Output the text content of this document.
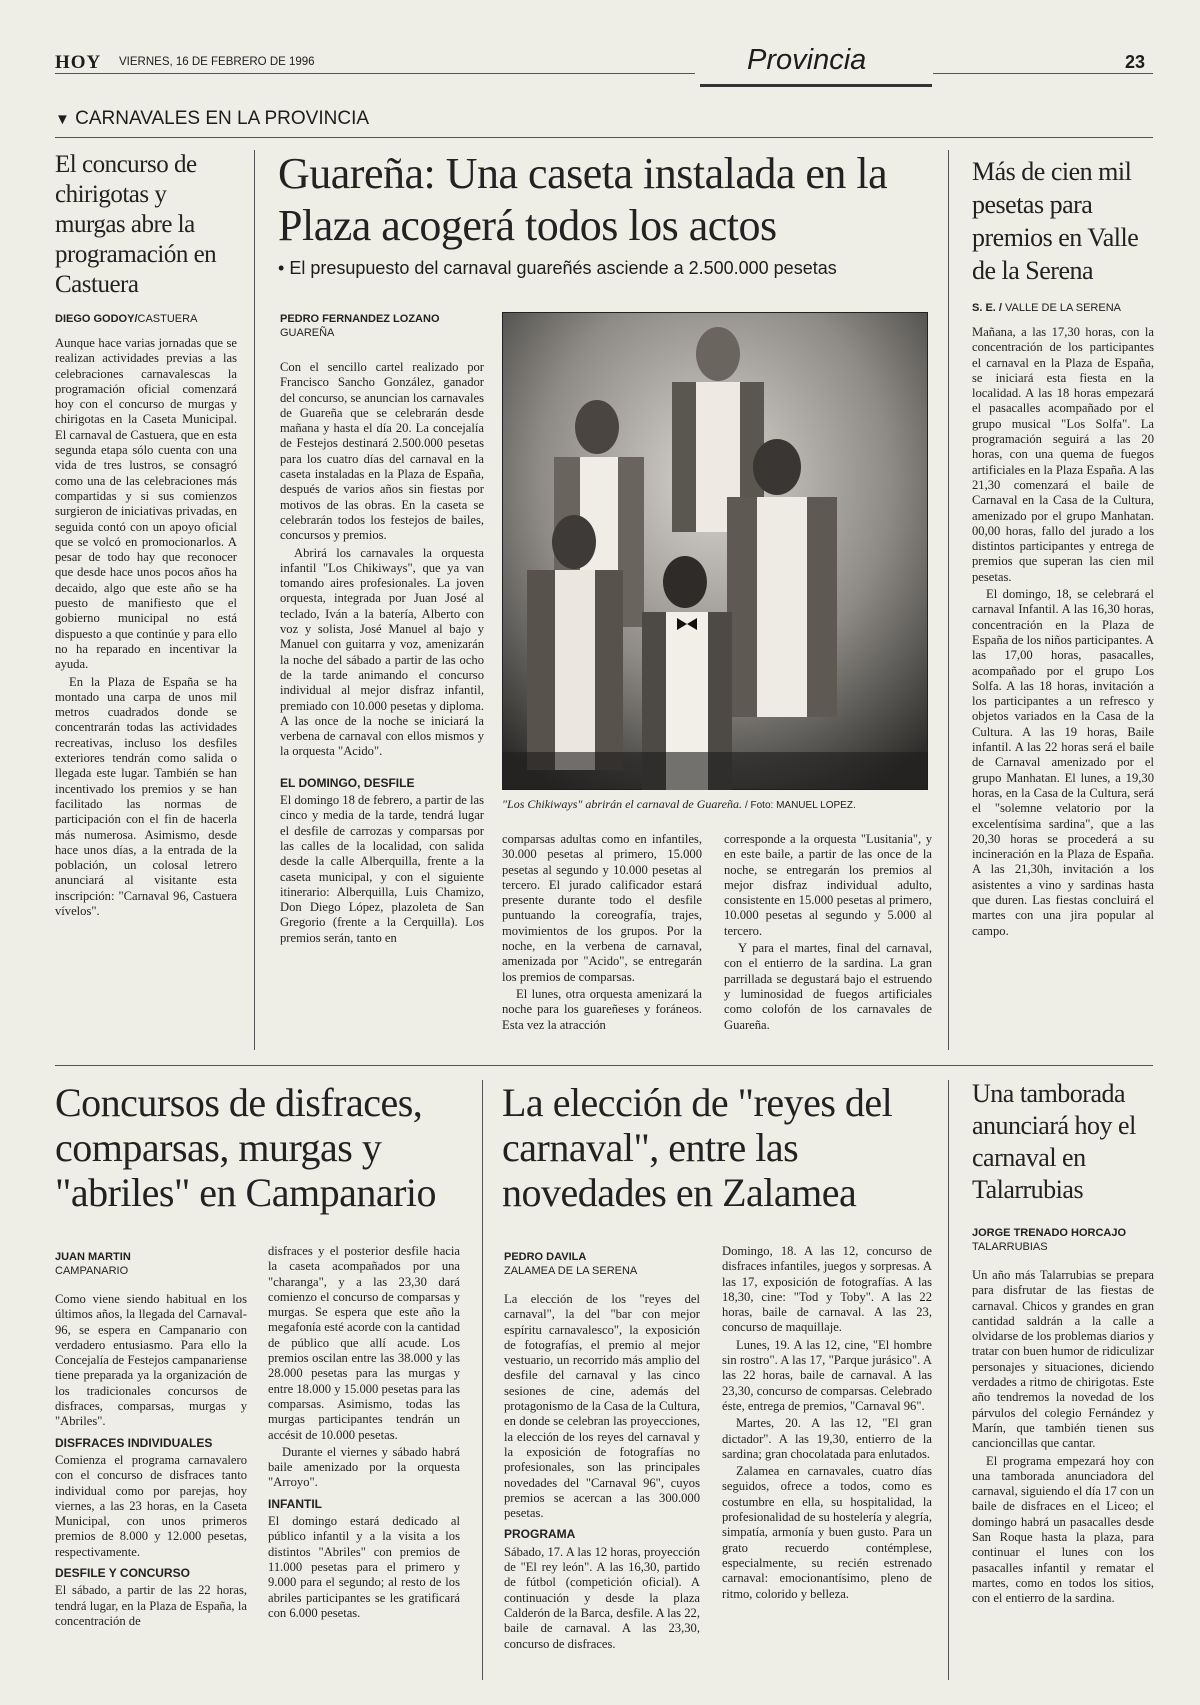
HOY VIERNES, 16 DE FEBRERO DE 1996	Provincia	23
▼ CARNAVALES EN LA PROVINCIA
El concurso de chirigotas y murgas abre la programación en Castuera
DIEGO GODOY/CASTUERA

Aunque hace varias jornadas que se realizan actividades previas a las celebraciones carnavalescas la programación oficial comenzará hoy con el concurso de murgas y chirigotas en la Caseta Municipal. El carnaval de Castuera, que en esta segunda etapa sólo cuenta con una vida de tres lustros, se consagró como una de las celebraciones más compartidas y si sus comienzos surgieron de iniciativas privadas, en seguida contó con un apoyo oficial que se volcó en promocionarlos. A pesar de todo hay que reconocer que desde hace unos pocos años ha decaido, algo que este año se ha puesto de manifiesto que el gobierno municipal no está dispuesto a que continúe y para ello no ha reparado en incentivar la ayuda.

En la Plaza de España se ha montado una carpa de unos mil metros cuadrados donde se concentrarán todas las actividades recreativas, incluso los desfiles exteriores tendrán como salida o llegada este lugar. También se han incentivado los premios y se han facilitado las normas de participación con el fin de hacerla más numerosa. Asimismo, desde hace unos días, a la entrada de la población, un colosal letrero anunciará al visitante esta inscripción: "Carnaval 96, Castuera vívelos".

Guareña: Una caseta instalada en la Plaza acogerá todos los actos
• El presupuesto del carnaval guareñés asciende a 2.500.000 pesetas
PEDRO FERNANDEZ LOZANO
GUAREÑA
"Los Chikiways" abrirán el carnaval de Guareña. / Foto: MANUEL LOPEZ.

Con el sencillo cartel realizado por Francisco Sancho González, ganador del concurso, se anuncian los carnavales de Guareña que se celebrarán desde mañana y hasta el día 20. La concejalía de Festejos destinará 2.500.000 pesetas para los cuatro días del carnaval en la caseta instaladas en la Plaza de España, después de varios años sin fiestas por motivos de las obras. En la caseta se celebrarán todos los festejos de bailes, concursos y premios.

Abrirá los carnavales la orquesta infantil "Los Chikiways", que ya van tomando aires profesionales. La joven orquesta, integrada por Juan José al teclado, Iván a la batería, Alberto con voz y solista, José Manuel al bajo y Manuel con guitarra y voz, amenizarán la noche del sábado a partir de las ocho de la tarde animando el concurso individual al mejor disfraz infantil, premiado con 10.000 pesetas y diploma. A las once de la noche se iniciará la verbena de carnaval con ellos mismos y la orquesta "Acido".

EL DOMINGO, DESFILE

El domingo 18 de febrero, a partir de las cinco y media de la tarde, tendrá lugar el desfile de carrozas y comparsas por las calles de la localidad, con salida desde la calle Alberquilla, frente a la caseta municipal, y con el siguiente itinerario: Alberquilla, Luis Chamizo, Don Diego López, plazoleta de San Gregorio (frente a la Cerquilla). Los premios serán, tanto en

comparsas adultas como en infantiles, 30.000 pesetas al primero, 15.000 pesetas al segundo y 10.000 pesetas al tercero. El jurado calificador estará presente durante todo el desfile puntuando la coreografía, trajes, movimientos de los grupos. Por la noche, en la verbena de carnaval, amenizada por "Acido", se entregarán los premios de comparsas.

El lunes, otra orquesta amenizará la noche para los guareñeses y foráneos. Esta vez la atracción

corresponde a la orquesta "Lusitania", y en este baile, a partir de las once de la noche, se entregarán los premios al mejor disfraz individual adulto, consistente en 15.000 pesetas al primero, 10.000 pesetas al segundo y 5.000 al tercero.

Y para el martes, final del carnaval, con el entierro de la sardina. La gran parrillada se degustará bajo el estruendo y luminosidad de fuegos artificiales como colofón de los carnavales de Guareña.

Más de cien mil pesetas para premios en Valle de la Serena
S. E. / VALLE DE LA SERENA

Mañana, a las 17,30 horas, con la concentración de los participantes el carnaval en la Plaza de España, se iniciará esta fiesta en la localidad. A las 18 horas empezará el pasacalles acompañado por el grupo musical "Los Solfa". La programación seguirá a las 20 horas, con una quema de fuegos artificiales en la Plaza España. A las 21,30 comenzará el baile de Carnaval en la Casa de la Cultura, amenizado por el grupo Manhatan. 00,00 horas, fallo del jurado a los distintos participantes y entrega de premios que superan las cien mil pesetas.

El domingo, 18, se celebrará el carnaval Infantil. A las 16,30 horas, concentración en la Plaza de España de los niños participantes. A las 17,00 horas, pasacalles, acompañado por el grupo Los Solfa. A las 18 horas, invitación a los participantes a un refresco y objetos variados en la Casa de la Cultura. A las 19 horas, Baile infantil. A las 22 horas será el baile de Carnaval amenizado por el grupo Manhatan. El lunes, a 19,30 horas, en la Casa de la Cultura, será el "solemne velatorio por la excelentísima sardina", que a las 20,30 horas se procederá a su incineración en la Plaza de España. A las 21,30h, invitación a los asistentes a vino y sardinas hasta que duren. Las fiestas concluirá el martes con una jira popular al campo.

Concursos de disfraces, comparsas, murgas y "abriles" en Campanario
JUAN MARTIN
CAMPANARIO

Como viene siendo habitual en los últimos años, la llegada del Carnaval-96, se espera en Campanario con verdadero entusiasmo. Para ello la Concejalía de Festejos campanariense tiene preparada ya la organización de los tradicionales concursos de disfraces, comparsas, murgas y "Abriles".

DISFRACES INDIVIDUALES

Comienza el programa carnavalero con el concurso de disfraces tanto individual como por parejas, hoy viernes, a las 23 horas, en la Caseta Municipal, con unos primeros premios de 8.000 y 12.000 pesetas, respectivamente.

DESFILE Y CONCURSO

El sábado, a partir de las 22 horas, tendrá lugar, en la Plaza de España, la concentración de

disfraces y el posterior desfile hacia la caseta acompañados por una "charanga", y a las 23,30 dará comienzo el concurso de comparsas y murgas. Se espera que este año la megafonía esté acorde con la cantidad de público que allí acude. Los premios oscilan entre las 38.000 y las 28.000 pesetas para las murgas y entre 18.000 y 15.000 pesetas para las comparsas. Asimismo, todas las murgas participantes tendrán un accésit de 10.000 pesetas.

Durante el viernes y sábado habrá baile amenizado por la orquesta "Arroyo".

INFANTIL

El domingo estará dedicado al público infantil y a la visita a los distintos "Abriles" con premios de 11.000 pesetas para el primero y 9.000 para el segundo; al resto de los abriles participantes se les gratificará con 6.000 pesetas.

La elección de "reyes del carnaval", entre las novedades en Zalamea
PEDRO DAVILA
ZALAMEA DE LA SERENA

La elección de los "reyes del carnaval", la del "bar con mejor espíritu carnavalesco", la exposición de fotografías, el premio al mejor vestuario, un recorrido más amplio del desfile del carnaval y las cinco sesiones de cine, además del protagonismo de la Casa de la Cultura, en donde se celebran las proyecciones, la elección de los reyes del carnaval y la exposición de fotografías no profesionales, son las principales novedades del "Carnaval 96", cuyos premios se acercan a las 300.000 pesetas.

PROGRAMA

Sábado, 17. A las 12 horas, proyección de "El rey león". A las 16,30, partido de fútbol (competición oficial). A continuación y desde la plaza Calderón de la Barca, desfile. A las 22, baile de carnaval. A las 23,30, concurso de disfraces.

Domingo, 18. A las 12, concurso de disfraces infantiles, juegos y sorpresas. A las 17, exposición de fotografías. A las 18,30, cine: "Tod y Toby". A las 22 horas, baile de carnaval. A las 23, concurso de maquillaje.

Lunes, 19. A las 12, cine, "El hombre sin rostro". A las 17, "Parque jurásico". A las 22 horas, baile de carnaval. A las 23,30, concurso de comparsas. Celebrado éste, entrega de premios, "Carnaval 96".

Martes, 20. A las 12, "El gran dictador". A las 19,30, entierro de la sardina; gran chocolatada para enlutados.

Zalamea en carnavales, cuatro días seguidos, ofrece a todos, como es costumbre en ella, su hospitalidad, la profesionalidad de su hostelería y alegría, simpatía, armonía y buen gusto. Para un grato recuerdo contémplese, especialmente, su recién estrenado carnaval: emocionantísimo, pleno de ritmo, colorido y belleza.

Una tamborada anunciará hoy el carnaval en Talarrubias
JORGE TRENADO HORCAJO
TALARRUBIAS

Un año más Talarrubias se prepara para disfrutar de las fiestas de carnaval. Chicos y grandes en gran cantidad saldrán a la calle a olvidarse de los problemas diarios y tratar con buen humor de ridiculizar personajes y situaciones, diciendo verdades a ritmo de chirigotas. Este año tendremos la novedad de los párvulos del colegio Fernández y Marín, que también tienen sus cancioncillas que cantar.

El programa empezará hoy con una tamborada anunciadora del carnaval, siguiendo el día 17 con un baile de disfraces en el Liceo; el domingo habrá un pasacalles desde San Roque hasta la plaza, para continuar el lunes con los pasacalles infantil y rematar el martes, como en todos los sitios, con el entierro de la sardina.
